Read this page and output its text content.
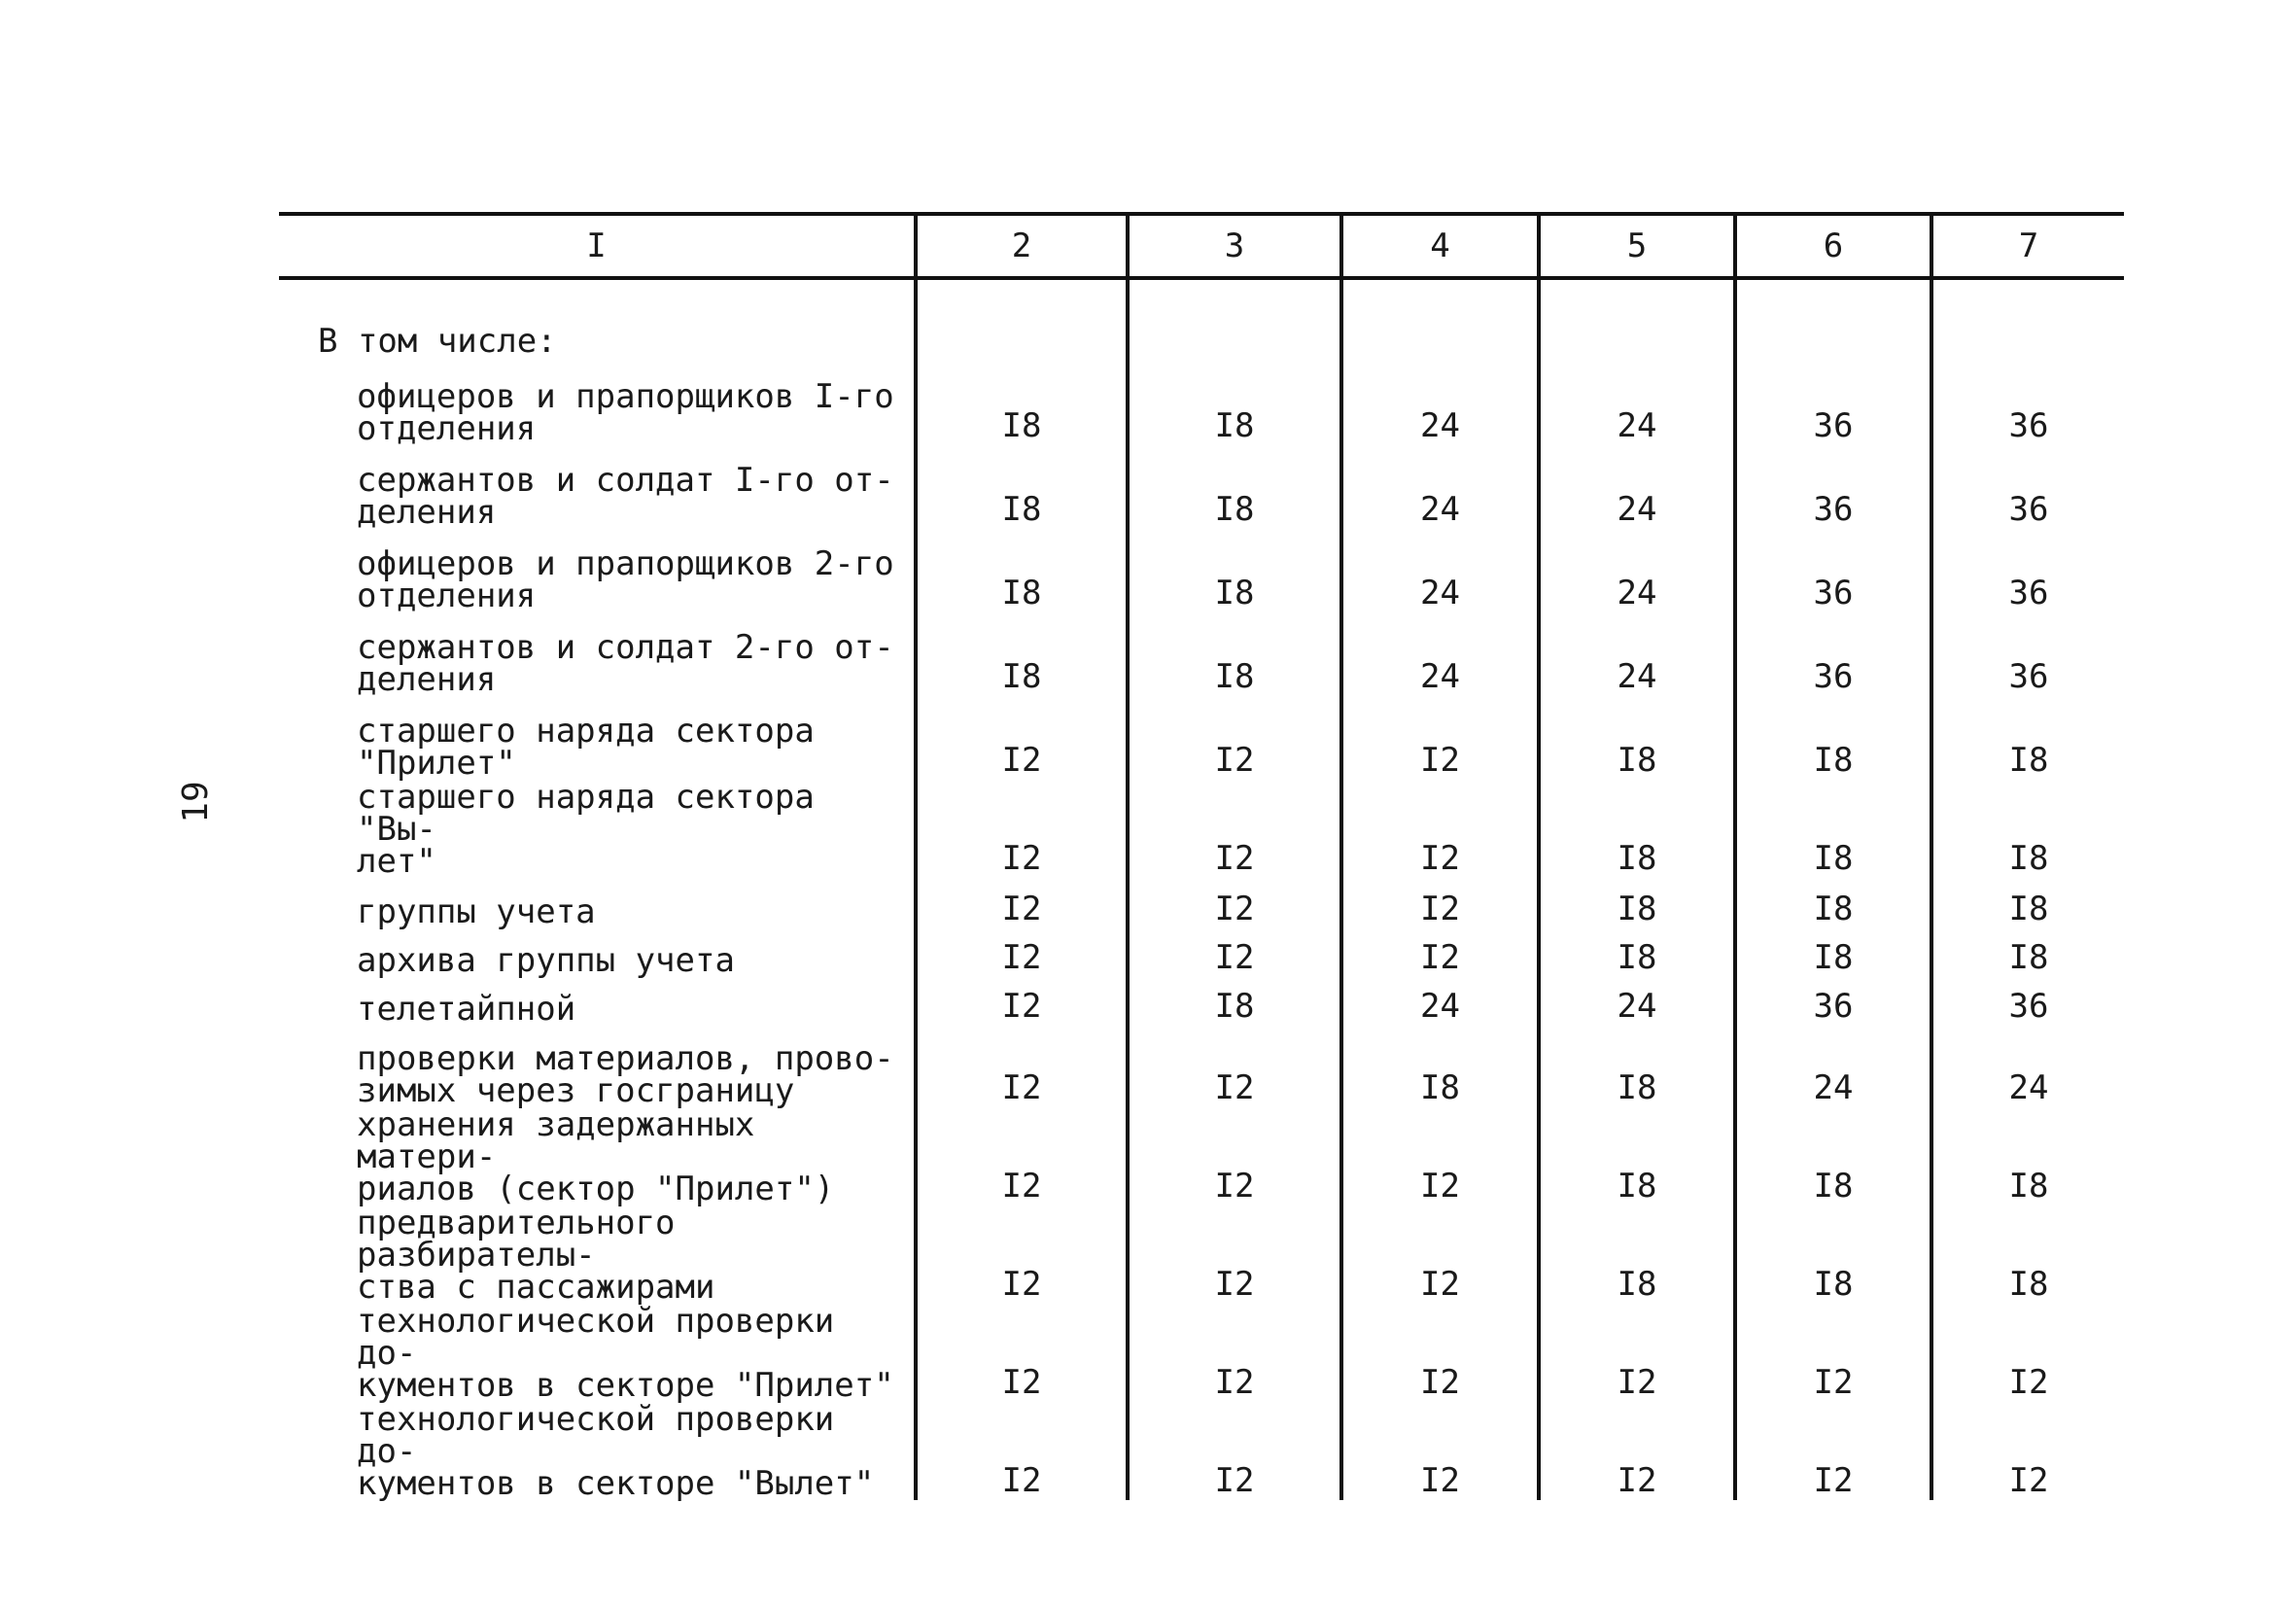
19
I	2	3	4	5	6	7
В том числе:						
офицеров и прапорщиков I-го
отделения	I8	I8	24	24	36	36
сержантов и солдат I-го от-
деления	I8	I8	24	24	36	36
офицеров и прапорщиков 2-го
отделения	I8	I8	24	24	36	36
сержантов и солдат 2-го от-
деления	I8	I8	24	24	36	36
старшего наряда сектора
"Прилет"	I2	I2	I2	I8	I8	I8
старшего наряда сектора "Вы-
лет"	I2	I2	I2	I8	I8	I8
группы учета	I2	I2	I2	I8	I8	I8
архива группы учета	I2	I2	I2	I8	I8	I8
телетайпной	I2	I8	24	24	36	36
проверки материалов, прово-
зимых через госграницу	I2	I2	I8	I8	24	24
хранения задержанных матери-
риалов (сектор "Прилет")	I2	I2	I2	I8	I8	I8
предварительного разбирателы-
ства с пассажирами	I2	I2	I2	I8	I8	I8
технологической проверки до-
кументов в секторе "Прилет"	I2	I2	I2	I2	I2	I2
технологической проверки до-
кументов в секторе "Вылет"	I2	I2	I2	I2	I2	I2
